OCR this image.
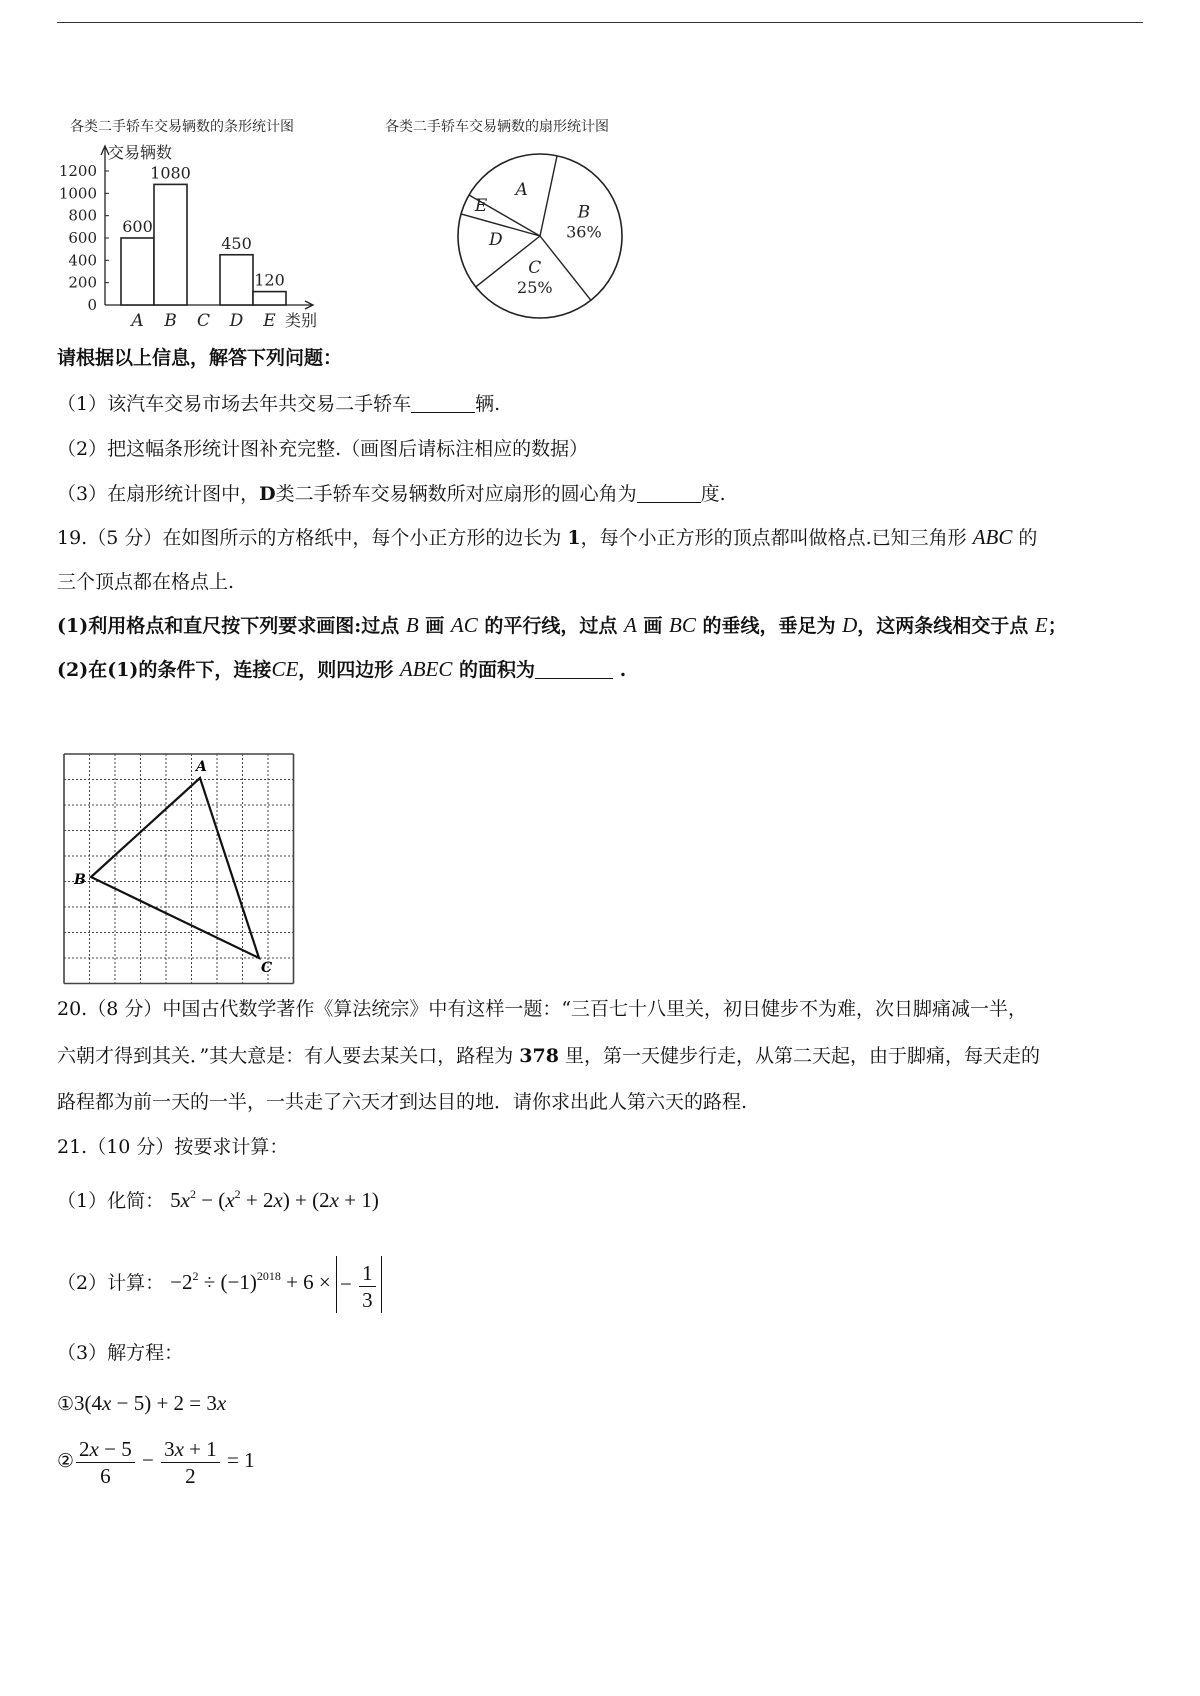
各类二手轿车交易辆数的条形统计图
交易辆数
类别
600
1080
450
120
0
200
400
600
800
1000
1200
A B C D E
各类二手轿车交易辆数的扇形统计图
B
36%
C
25%
D
E
A
请根据以上信息，解答下列问题：
（1）该汽车交易市场去年共交易二手轿车	辆.
（2）把这幅条形统计图补充完整.（画图后请标注相应的数据）
（3）在扇形统计图中，D类二手轿车交易辆数所对应扇形的圆心角为	度.
19.（5 分）在如图所示的方格纸中，每个小正方形的边长为 1，每个小正方形的顶点都叫做格点.已知三角形 ABC 的
三个顶点都在格点上.
(1)利用格点和直尺按下列要求画图:过点 B 画 AC 的平行线，过点 A 画 BC 的垂线，垂足为 D，这两条线相交于点 E；
(2)在(1)的条件下，连接CE，则四边形 ABEC 的面积为	.
A
B
C
20.（8 分）中国古代数学著作《算法统宗》中有这样一题：“三百七十八里关，初日健步不为难，次日脚痛减一半，
六朝才得到其关．”其大意是：有人要去某关口，路程为 378 里，第一天健步行走，从第二天起，由于脚痛，每天走的
路程都为前一天的一半，一共走了六天才到达目的地．请你求出此人第六天的路程.
21.（10 分）按要求计算：
（1）化简： $5x^2 - (x^2 + 2x) + (2x + 1)$
（2）计算： $-2^2 \div (-1)^{2018} + 6$ × − $\frac{1}{3}$
（3）解方程：
①3(4x − 5) + 2 = 3x
② $\frac{2x - 5}{6} - \frac{3x + 1}{2} = 1$
